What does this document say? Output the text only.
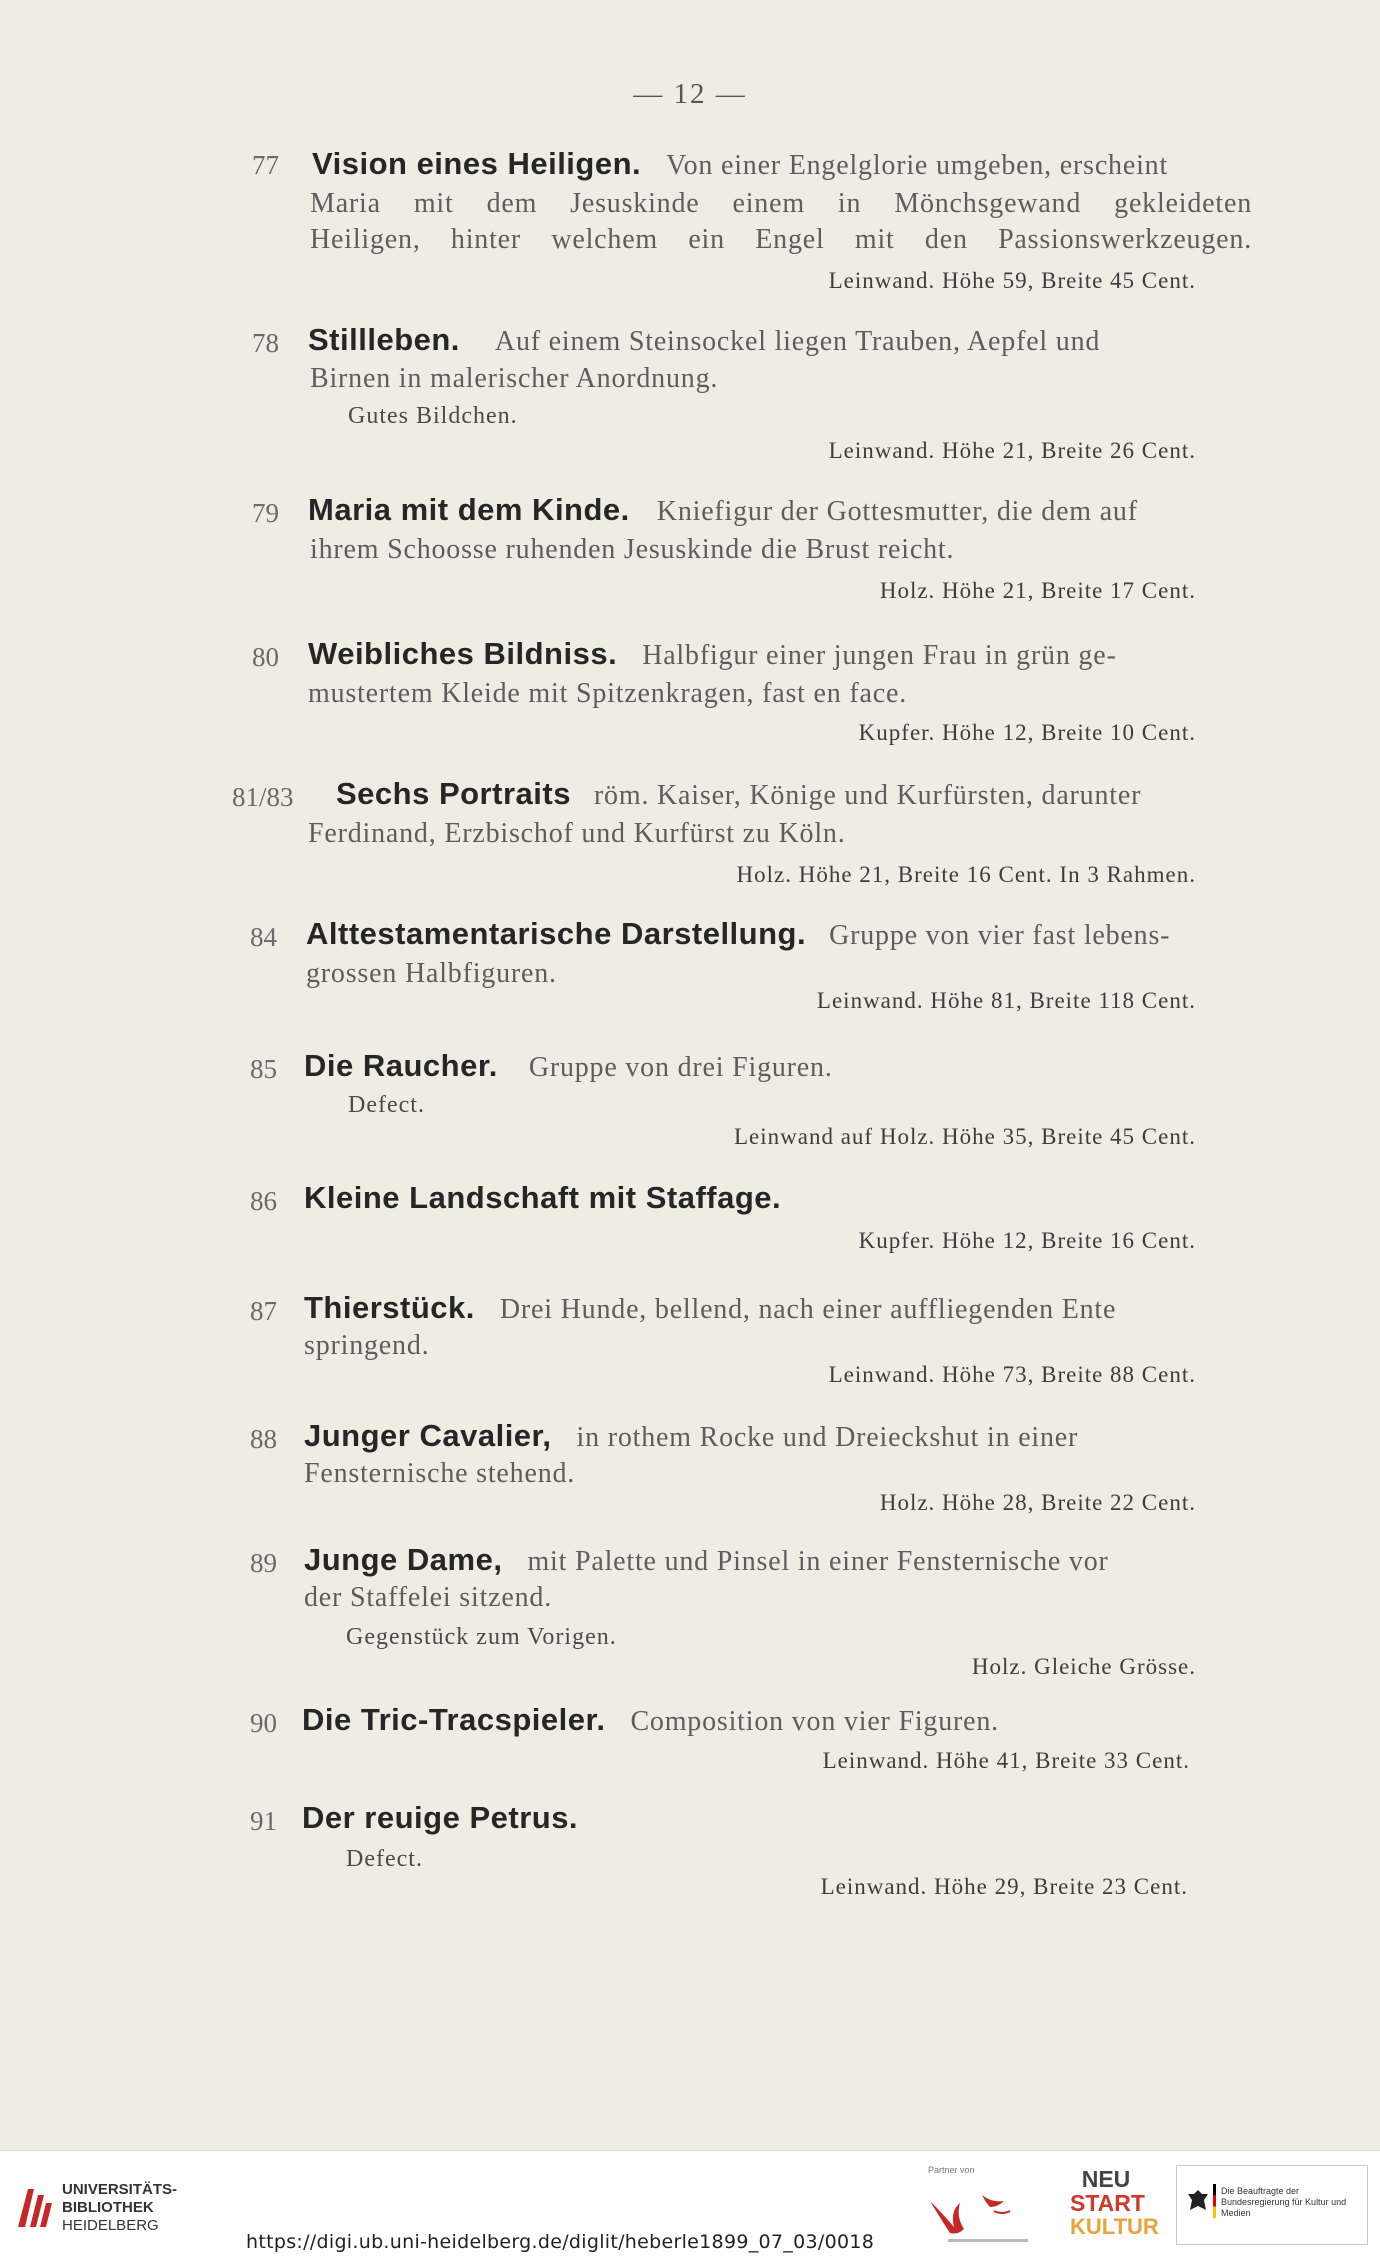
— 12 —
77 Vision eines Heiligen. Von einer Engelglorie umgeben, erscheint
Maria mit dem Jesuskinde einem in Mönchsgewand gekleideten
Heiligen, hinter welchem ein Engel mit den Passionswerkzeugen.
Leinwand. Höhe 59, Breite 45 Cent.
78 Stillleben. Auf einem Steinsockel liegen Trauben, Aepfel und
Birnen in malerischer Anordnung.
Gutes Bildchen.
Leinwand. Höhe 21, Breite 26 Cent.
79 Maria mit dem Kinde. Kniefigur der Gottesmutter, die dem auf
ihrem Schoosse ruhenden Jesuskinde die Brust reicht.
Holz. Höhe 21, Breite 17 Cent.
80 Weibliches Bildniss. Halbfigur einer jungen Frau in grün ge-
mustertem Kleide mit Spitzenkragen, fast en face.
Kupfer. Höhe 12, Breite 10 Cent.
81/83 Sechs Portraits röm. Kaiser, Könige und Kurfürsten, darunter
Ferdinand, Erzbischof und Kurfürst zu Köln.
Holz. Höhe 21, Breite 16 Cent. In 3 Rahmen.
84 Alttestamentarische Darstellung. Gruppe von vier fast lebens-
grossen Halbfiguren.
Leinwand. Höhe 81, Breite 118 Cent.
85 Die Raucher. Gruppe von drei Figuren.
Defect.
Leinwand auf Holz. Höhe 35, Breite 45 Cent.
86 Kleine Landschaft mit Staffage.
Kupfer. Höhe 12, Breite 16 Cent.
87 Thierstück. Drei Hunde, bellend, nach einer auffliegenden Ente
springend.
Leinwand. Höhe 73, Breite 88 Cent.
88 Junger Cavalier, in rothem Rocke und Dreieckshut in einer
Fensternische stehend.
Holz. Höhe 28, Breite 22 Cent.
89 Junge Dame, mit Palette und Pinsel in einer Fensternische vor
der Staffelei sitzend.
Gegenstück zum Vorigen.
Holz. Gleiche Grösse.
90 Die Tric-Tracspieler. Composition von vier Figuren.
Leinwand. Höhe 41, Breite 33 Cent.
91 Der reuige Petrus.
Defect.
Leinwand. Höhe 29, Breite 23 Cent.
UNIVERSITÄTS-
BIBLIOTHEK
HEIDELBERG
https://digi.ub.uni-heidelberg.de/diglit/heberle1899_07_03/0018
Partner von	NEU
START
KULTUR
Die Beauftragte der Bundesregierung für Kultur und Medien
